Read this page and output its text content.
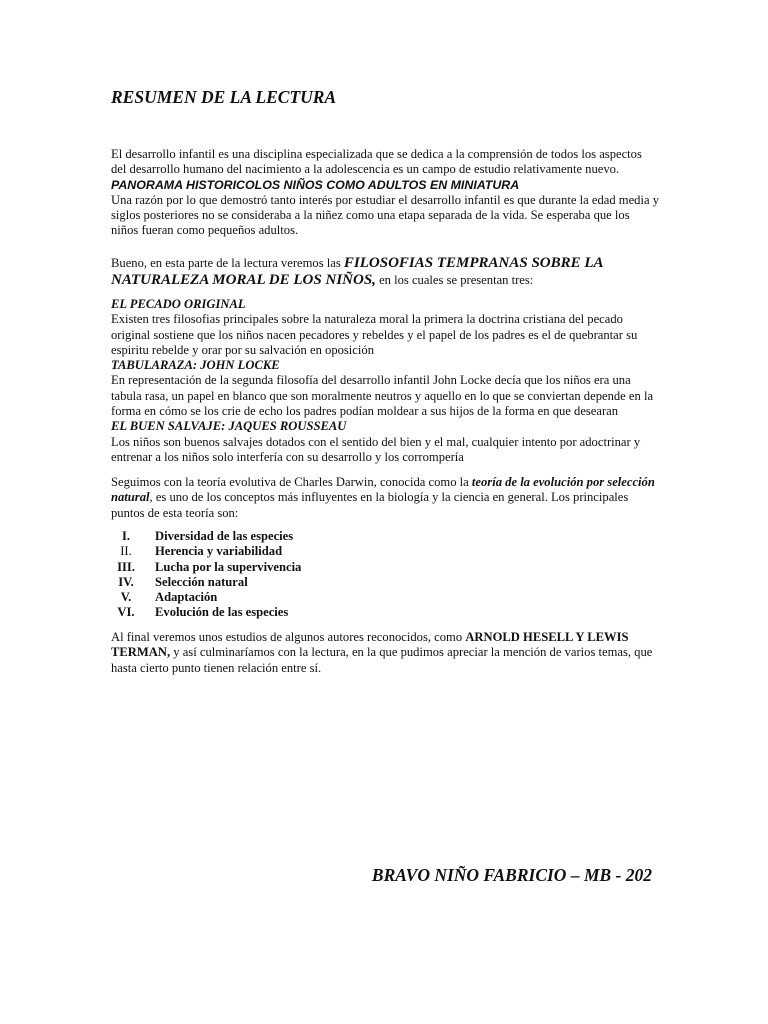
RESUMEN DE LA LECTURA

El desarrollo infantil es una disciplina especializada que se dedica a la comprensión de todos los aspectos del desarrollo humano del nacimiento a la adolescencia es un campo de estudio relativamente nuevo.

PANORAMA HISTORICOLOS NIÑOS COMO ADULTOS EN MINIATURA

Una razón por lo que demostró tanto interés por estudiar el desarrollo infantil es que durante la edad media y siglos posteriores no se consideraba a la niñez como una etapa separada de la vida. Se esperaba que los niños fueran como pequeños adultos.

Bueno, en esta parte de la lectura veremos las FILOSOFIAS TEMPRANAS SOBRE LA NATURALEZA MORAL DE LOS NIÑOS, en los cuales se presentan tres:

EL PECADO ORIGINAL

Existen tres filosofias principales sobre la naturaleza moral la primera la doctrina cristiana del pecado original sostiene que los niños nacen pecadores y rebeldes y el papel de los padres es el de quebrantar su espiritu rebelde y orar por su salvación en oposición

TABULARAZA: JOHN LOCKE

En representación de la segunda filosofía del desarrollo infantil John Locke decía que los niños era una tabula rasa, un papel en blanco que son moralmente neutros y aquello en lo que se conviertan depende en la forma en cómo se los crie de echo los padres podían moldear a sus hijos de la forma en que desearan

EL BUEN SALVAJE: JAQUES ROUSSEAU

Los niños son buenos salvajes dotados con el sentido del bien y el mal, cualquier intento por adoctrinar y entrenar a los niños solo interfería con su desarrollo y los corrompería

Seguimos con la teoría evolutiva de Charles Darwin, conocida como la teoría de la evolución por selección natural, es uno de los conceptos más influyentes en la biología y la ciencia en general. Los principales puntos de esta teoría son:

I.	Diversidad de las especies
II.	Herencia y variabilidad
III.	Lucha por la supervivencia
IV.	Selección natural
V.	Adaptación
VI.	Evolución de las especies

Al final veremos unos estudios de algunos autores reconocidos, como ARNOLD HESELL Y LEWIS TERMAN, y así culminaríamos con la lectura, en la que pudimos apreciar la mención de varios temas, que hasta cierto punto tienen relación entre sí.

BRAVO NIÑO FABRICIO – MB - 202
